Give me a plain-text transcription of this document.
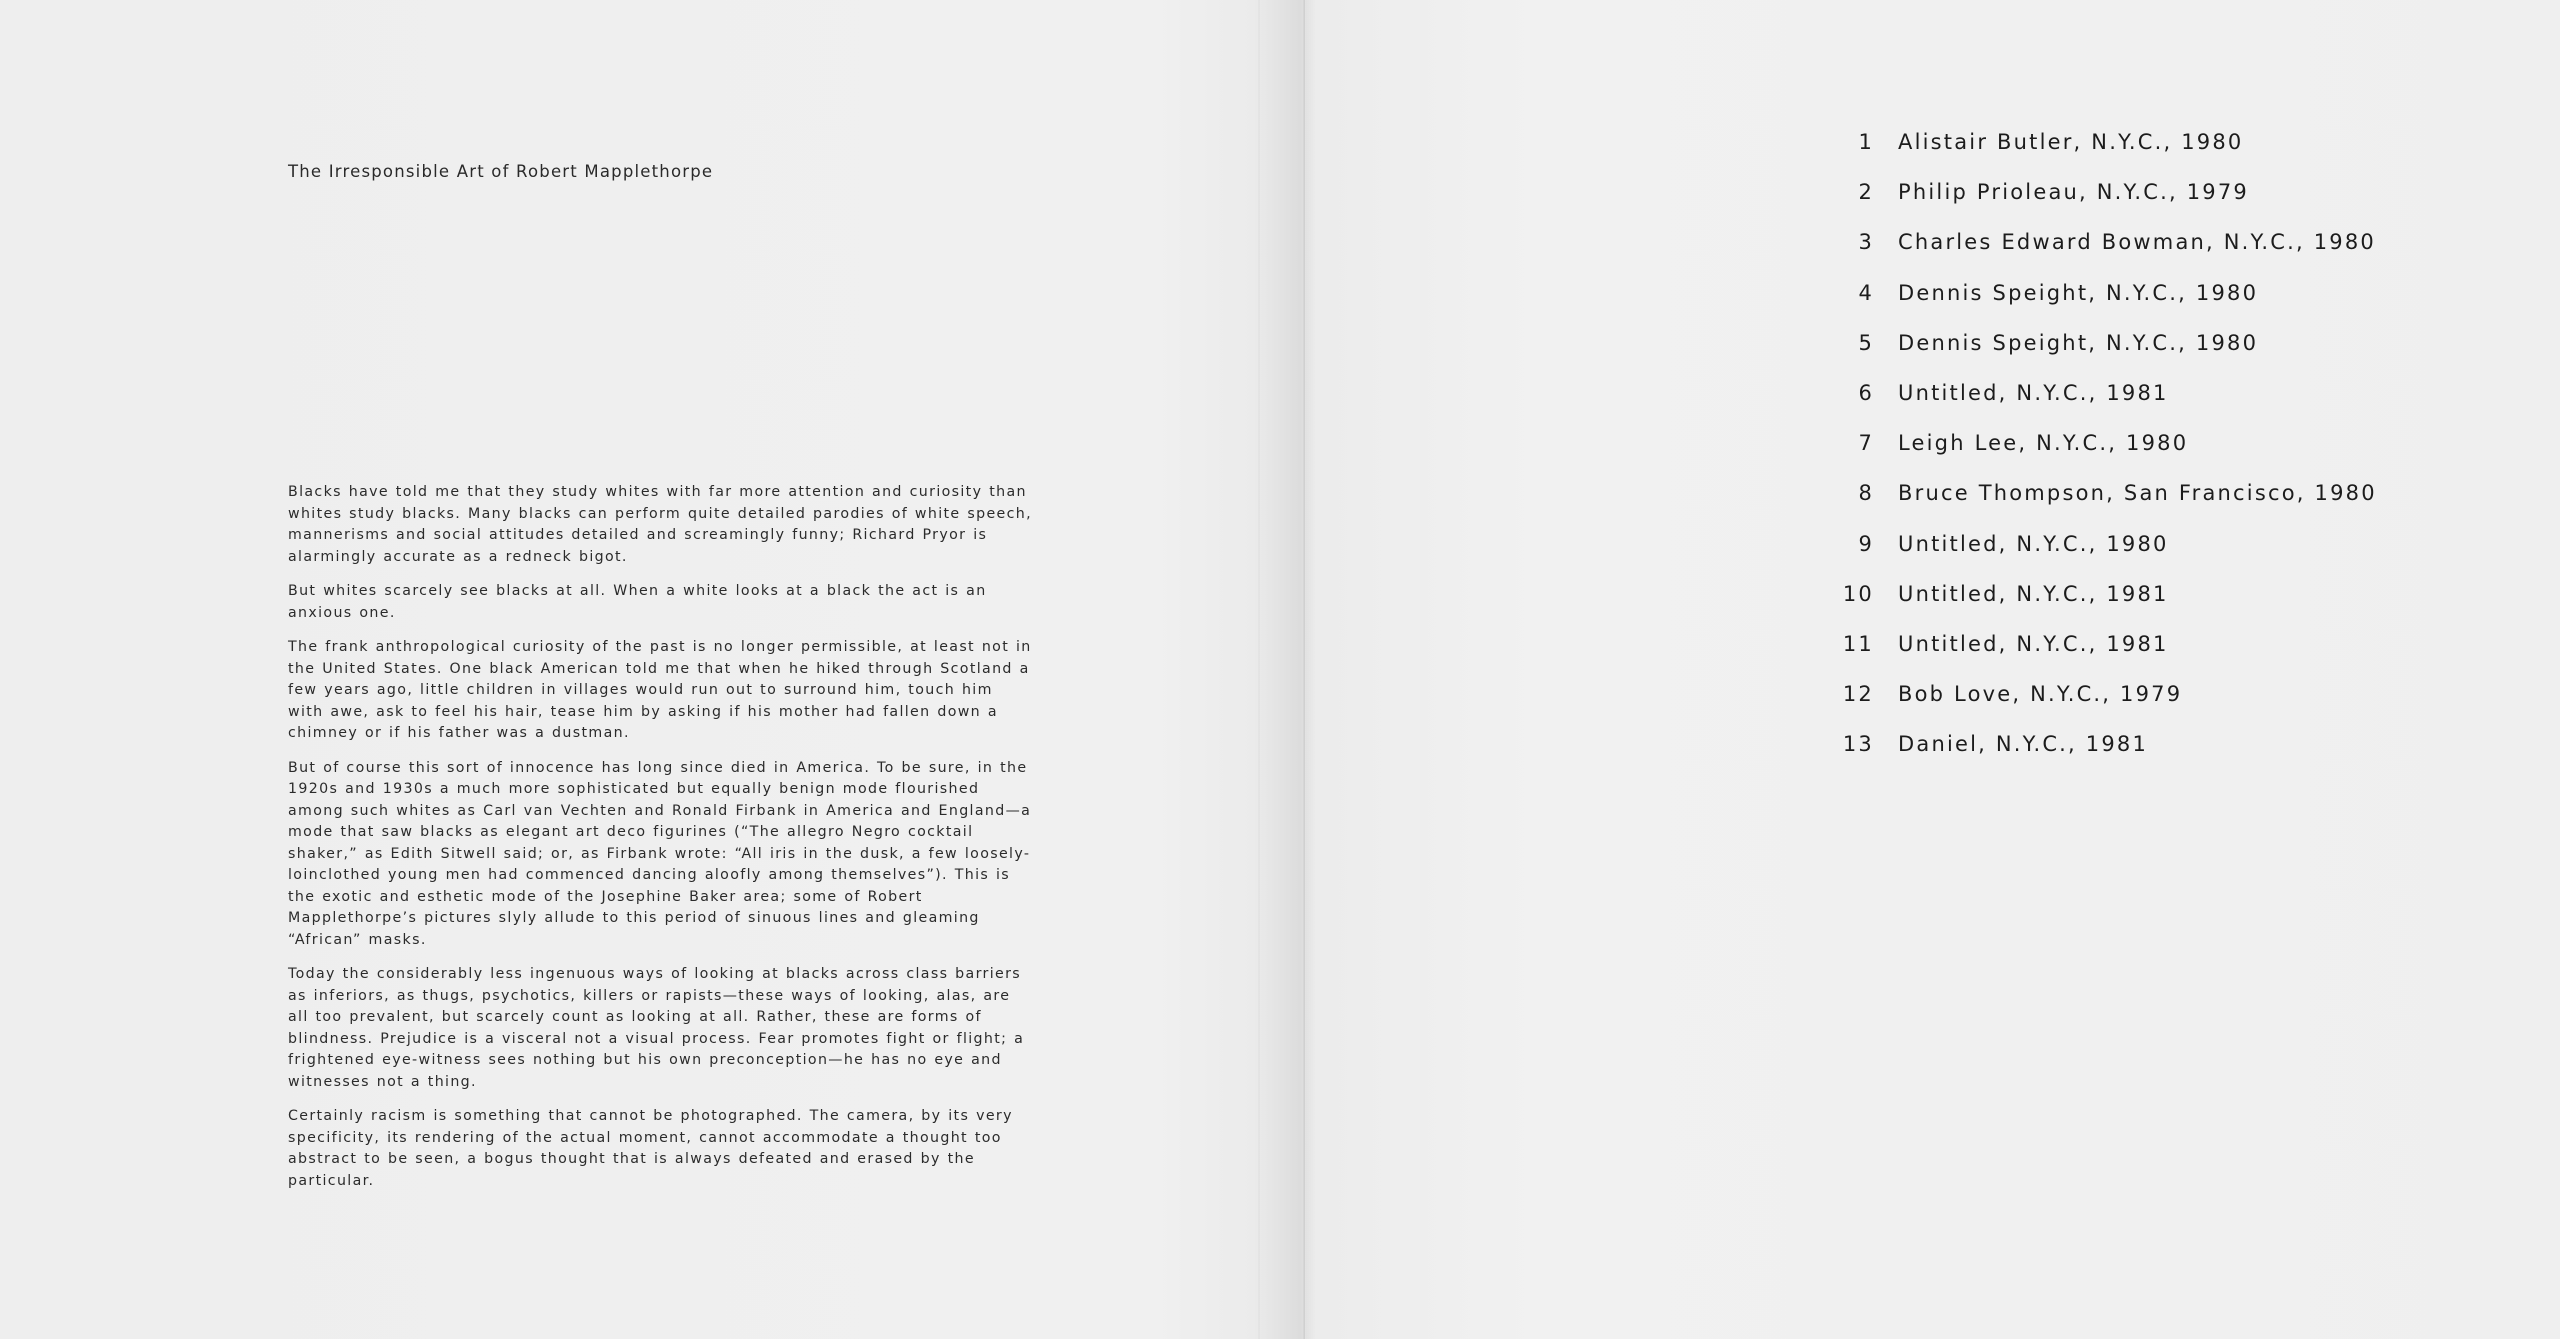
The Irresponsible Art of Robert Mapplethorpe

Blacks have told me that they study whites with far more attention and curiosity than whites study blacks. Many blacks can perform quite detailed parodies of white speech, mannerisms and social attitudes detailed and screamingly funny; Richard Pryor is alarmingly accurate as a redneck bigot.

But whites scarcely see blacks at all. When a white looks at a black the act is an anxious one.

The frank anthropological curiosity of the past is no longer permissible, at least not in the United States. One black American told me that when he hiked through Scotland a few years ago, little children in villages would run out to surround him, touch him with awe, ask to feel his hair, tease him by asking if his mother had fallen down a chimney or if his father was a dustman.

But of course this sort of innocence has long since died in America. To be sure, in the 1920s and 1930s a much more sophisticated but equally benign mode flourished among such whites as Carl van Vechten and Ronald Firbank in America and England—a mode that saw blacks as elegant art deco figurines (“The allegro Negro cocktail shaker,” as Edith Sitwell said; or, as Firbank wrote: “All iris in the dusk, a few loosely-loinclothed young men had commenced dancing aloofly among themselves”). This is the exotic and esthetic mode of the Josephine Baker area; some of Robert Mapplethorpe’s pictures slyly allude to this period of sinuous lines and gleaming “African” masks.

Today the considerably less ingenuous ways of looking at blacks across class barriers as inferiors, as thugs, psychotics, killers or rapists—these ways of looking, alas, are all too prevalent, but scarcely count as looking at all. Rather, these are forms of blindness. Prejudice is a visceral not a visual process. Fear promotes fight or flight; a frightened eye-witness sees nothing but his own preconception—he has no eye and witnesses not a thing.

Certainly racism is something that cannot be photographed. The camera, by its very specificity, its rendering of the actual moment, cannot accommodate a thought too abstract to be seen, a bogus thought that is always defeated and erased by the particular.

1	Alistair Butler, N.Y.C., 1980
2	Philip Prioleau, N.Y.C., 1979
3	Charles Edward Bowman, N.Y.C., 1980
4	Dennis Speight, N.Y.C., 1980
5	Dennis Speight, N.Y.C., 1980
6	Untitled, N.Y.C., 1981
7	Leigh Lee, N.Y.C., 1980
8	Bruce Thompson, San Francisco, 1980
9	Untitled, N.Y.C., 1980
10	Untitled, N.Y.C., 1981
11	Untitled, N.Y.C., 1981
12	Bob Love, N.Y.C., 1979
13	Daniel, N.Y.C., 1981
